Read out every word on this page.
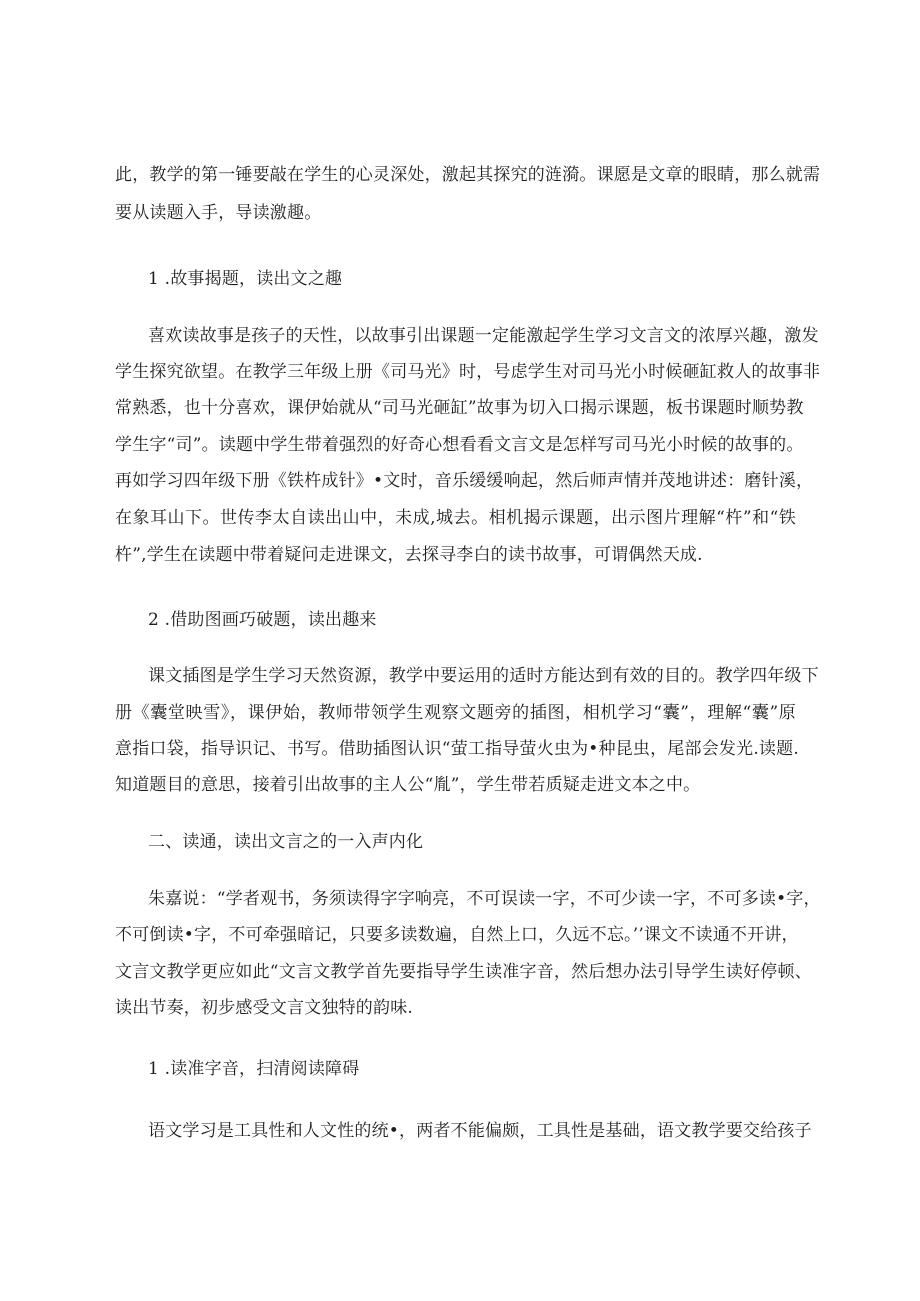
此，教学的第一锤要敲在学生的心灵深处，激起其探究的涟漪。课愿是文章的眼睛，那么就需
要从读题入手，导读激趣。
1 .故事揭题，读出文之趣
喜欢读故事是孩子的天性，以故事引出课题一定能激起学生学习文言文的浓厚兴趣，激发
学生探究欲望。在教学三年级上册《司马光》时，号虑学生对司马光小时候砸缸救人的故事非
常熟悉，也十分喜欢，课伊始就从“司马光砸缸”故事为切入口揭示课题，板书课题时顺势教
学生字“司”。读题中学生带着强烈的好奇心想看看文言文是怎样写司马光小时候的故事的。
再如学习四年级下册《铁杵成针》•文时，音乐缓缓响起，然后师声情并茂地讲述：磨针溪，
在象耳山下。世传李太自读出山中，未成,城去。相机揭示课题，出示图片理解“杵”和“铁
杵”,学生在读题中带着疑问走进课文，去探寻李白的读书故事，可谓偶然天成.
2 .借助图画巧破题，读出趣来
课文插图是学生学习天然资源，教学中要运用的适时方能达到有效的目的。教学四年级下
册《囊堂映雪》，课伊始，教师带领学生观察文题旁的插图，相机学习“囊”，理解“囊”原
意指口袋，指导识记、书写。借助插图认识“萤工指导萤火虫为•种昆虫，尾部会发光.读题.
知道题目的意思，接着引出故事的主人公“胤”，学生带若质疑走进文本之中。
二、读通，读出文言之的一入声内化
朱嘉说：“学者观书，务须读得字字响亮，不可误读一字，不可少读一字，不可多读•字，
不可倒读•字，不可牵强暗记，只要多读数遍，自然上口，久远不忘。’’课文不读通不开讲，
文言文教学更应如此“文言文教学首先要指导学生读准字音，然后想办法引导学生读好停顿、
读出节奏，初步感受文言文独特的韵味.
1 .读准字音，扫清阅读障碍
语文学习是工具性和人文性的统•，两者不能偏颇，工具性是基础，语文教学要交给孩子
